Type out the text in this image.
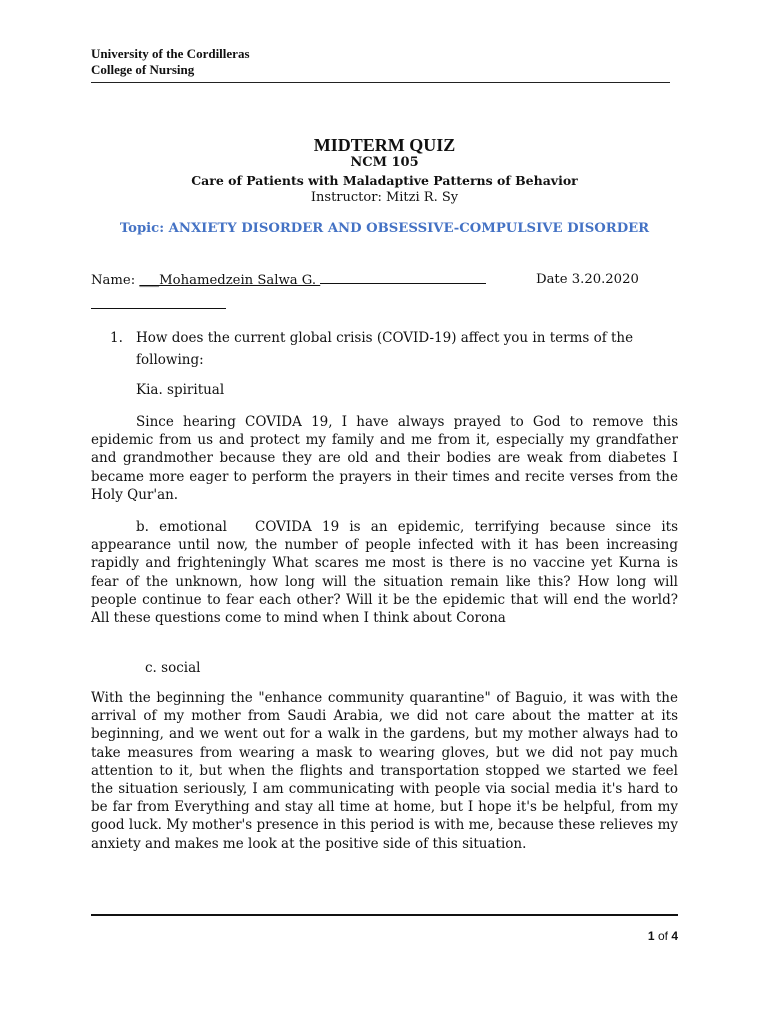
University of the Cordilleras
College of Nursing
MIDTERM QUIZ
NCM 105
Care of Patients with Maladaptive Patterns of Behavior
Instructor: Mitzi R. Sy
Topic: ANXIETY DISORDER AND OBSESSIVE-COMPULSIVE DISORDER
Name: ___Mohamedzein Salwa G.	Date 3.20.2020
1. How does the current global crisis (COVID-19) affect you in terms of the following:
Kia. spiritual
Since hearing COVIDA 19, I have always prayed to God to remove this epidemic from us and protect my family and me from it, especially my grandfather and grandmother because they are old and their bodies are weak from diabetes I became more eager to perform the prayers in their times and recite verses from the Holy Qur'an.
b. emotional COVIDA 19 is an epidemic, terrifying because since its appearance until now, the number of people infected with it has been increasing rapidly and frighteningly What scares me most is there is no vaccine yet Kurna is fear of the unknown, how long will the situation remain like this? How long will people continue to fear each other? Will it be the epidemic that will end the world? All these questions come to mind when I think about Corona
c. social
With the beginning the "enhance community quarantine" of Baguio, it was with the arrival of my mother from Saudi Arabia, we did not care about the matter at its beginning, and we went out for a walk in the gardens, but my mother always had to take measures from wearing a mask to wearing gloves, but we did not pay much attention to it, but when the flights and transportation stopped we started we feel the situation seriously, I am communicating with people via social media it's hard to be far from Everything and stay all time at home, but I hope it's be helpful, from my good luck. My mother's presence in this period is with me, because these relieves my anxiety and makes me look at the positive side of this situation.
1 of 4
